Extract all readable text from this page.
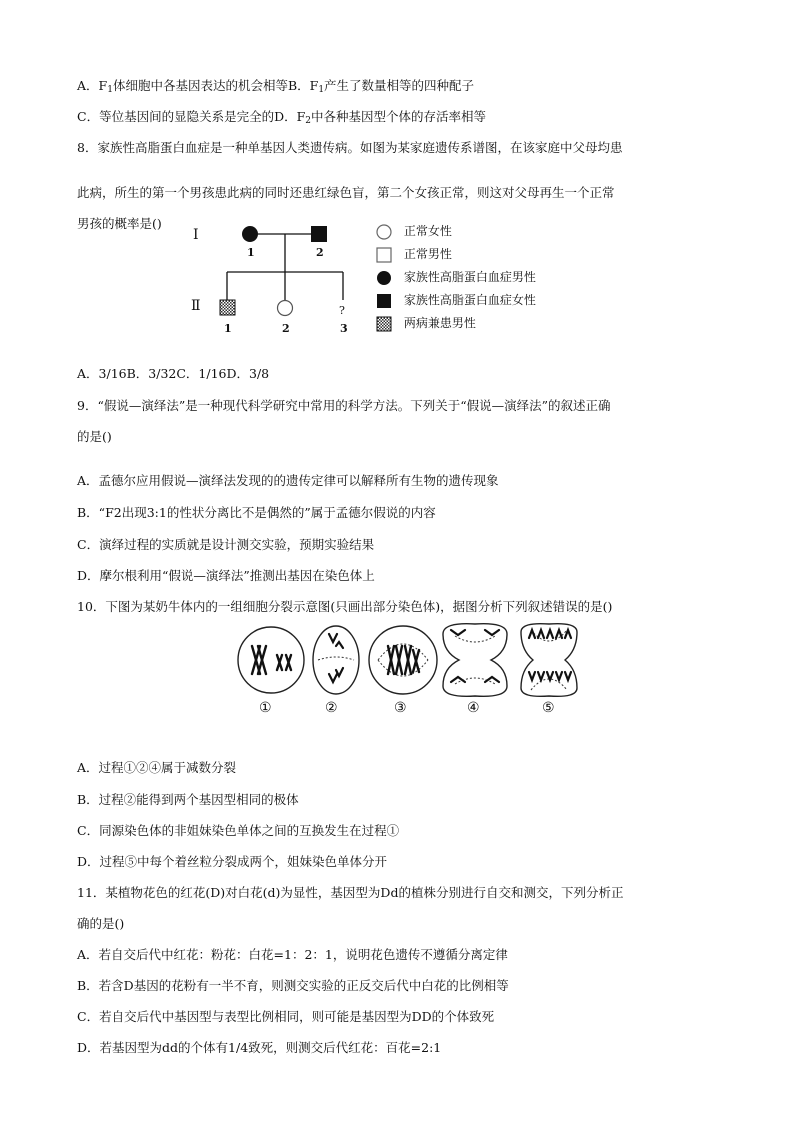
A．$F_1$体细胞中各基因表达的机会相等B．$F_1$产生了数量相等的四种配子
C．等位基因间的显隐关系是完全的D．$F_2$中各种基因型个体的存活率相等
8．家族性高脂蛋白血症是一种单基因人类遗传病。如图为某家庭遗传系谱图，在该家庭中父母均患
此病，所生的第一个男孩患此病的同时还患红绿色盲，第二个女孩正常，则这对父母再生一个正常
男孩的概率是()
Ⅰ
Ⅱ
1	2
1	2
?
3
正常女性
正常男性
家族性高脂蛋白血症男性
家族性高脂蛋白血症女性
两病兼患男性
A．3/16B．3/32C．1/16D．3/8
9．“假说—演绎法”是一种现代科学研究中常用的科学方法。下列关于“假说—演绎法”的叙述正确
的是()
A．孟德尔应用假说—演绎法发现的的遗传定律可以解释所有生物的遗传现象
B．“F2出现3:1的性状分离比不是偶然的”属于孟德尔假说的内容
C．演绎过程的实质就是设计测交实验，预期实验结果
D．摩尔根利用“假说—演绎法”推测出基因在染色体上
10．下图为某奶牛体内的一组细胞分裂示意图(只画出部分染色体)，据图分析下列叙述错误的是()
①	②	③	④	⑤
A．过程①②④属于减数分裂
B．过程②能得到两个基因型相同的极体
C．同源染色体的非姐妹染色单体之间的互换发生在过程①
D．过程⑤中每个着丝粒分裂成两个，姐妹染色单体分开
11．某植物花色的红花(D)对白花(d)为显性，基因型为Dd的植株分别进行自交和测交，下列分析正
确的是()
A．若自交后代中红花：粉花：白花=1：2：1，说明花色遗传不遵循分离定律
B．若含D基因的花粉有一半不育，则测交实验的正反交后代中白花的比例相等
C．若自交后代中基因型与表型比例相同，则可能是基因型为DD的个体致死
D．若基因型为dd的个体有1/4致死，则测交后代红花：百花=2:1
